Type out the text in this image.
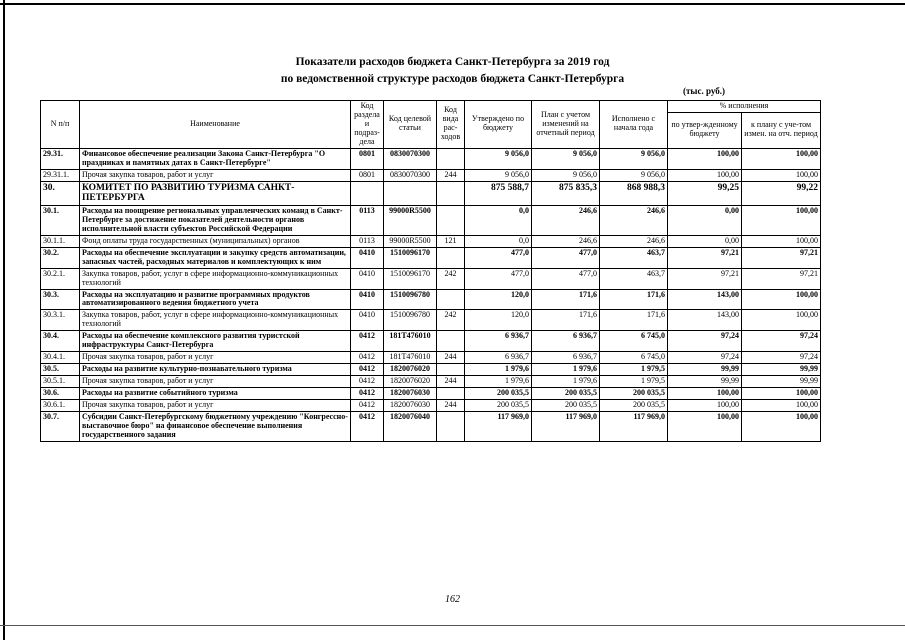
Показатели расходов бюджета Санкт-Петербурга за 2019 год
по ведомственной структуре расходов бюджета Санкт-Петербурга
(тыс. руб.)
N п/п	Наименование	Код раздела и подраз-дела	Код целевой статьи	Код вида рас-ходов	Утверждено по бюджету	План с учетом изменений на отчетный период	Исполнено с начала года	% исполнения	
								по утвер-жденному бюджету	к плану с уче-том измен. на отч. период
29.31.	Финансовое обеспечение реализации Закона Санкт-Петербурга "О праздниках и памятных датах в Санкт-Петербурге"	0801	0830070300		9 056,0	9 056,0	9 056,0	100,00	100,00
29.31.1.	Прочая закупка товаров, работ и услуг	0801	0830070300	244	9 056,0	9 056,0	9 056,0	100,00	100,00
30.	КОМИТЕТ ПО РАЗВИТИЮ ТУРИЗМА САНКТ-ПЕТЕРБУРГА				875 588,7	875 835,3	868 988,3	99,25	99,22
30.1.	Расходы на поощрение региональных управленческих команд в Санкт-Петербурге за достижение показателей деятельности органов исполнительной власти субъектов Российской Федерации	0113	99000R5500		0,0	246,6	246,6	0,00	100,00
30.1.1.	Фонд оплаты труда государственных (муниципальных) органов	0113	99000R5500	121	0,0	246,6	246,6	0,00	100,00
30.2.	Расходы на обеспечение эксплуатации и закупку средств автоматизации, запасных частей, расходных материалов и комплектующих к ним	0410	1510096170		477,0	477,0	463,7	97,21	97,21
30.2.1.	Закупка товаров, работ, услуг в сфере информационно-коммуникационных технологий	0410	1510096170	242	477,0	477,0	463,7	97,21	97,21
30.3.	Расходы на эксплуатацию и развитие программных продуктов автоматизированного ведения бюджетного учета	0410	1510096780		120,0	171,6	171,6	143,00	100,00
30.3.1.	Закупка товаров, работ, услуг в сфере информационно-коммуникационных технологий	0410	1510096780	242	120,0	171,6	171,6	143,00	100,00
30.4.	Расходы на обеспечение комплексного развития туристской инфраструктуры Санкт-Петербурга	0412	181Т476010		6 936,7	6 936,7	6 745,0	97,24	97,24
30.4.1.	Прочая закупка товаров, работ и услуг	0412	181Т476010	244	6 936,7	6 936,7	6 745,0	97,24	97,24
30.5.	Расходы на развитие культурно-познавательного туризма	0412	1820076020		1 979,6	1 979,6	1 979,5	99,99	99,99
30.5.1.	Прочая закупка товаров, работ и услуг	0412	1820076020	244	1 979,6	1 979,6	1 979,5	99,99	99,99
30.6.	Расходы на развитие событийного туризма	0412	1820076030		200 035,5	200 035,5	200 035,5	100,00	100,00
30.6.1.	Прочая закупка товаров, работ и услуг	0412	1820076030	244	200 035,5	200 035,5	200 035,5	100,00	100,00
30.7.	Субсидии Санкт-Петербургскому бюджетному учреждению "Конгрессно-выставочное бюро" на финансовое обеспечение выполнения государственного задания	0412	1820076040		117 969,0	117 969,0	117 969,0	100,00	100,00
162
